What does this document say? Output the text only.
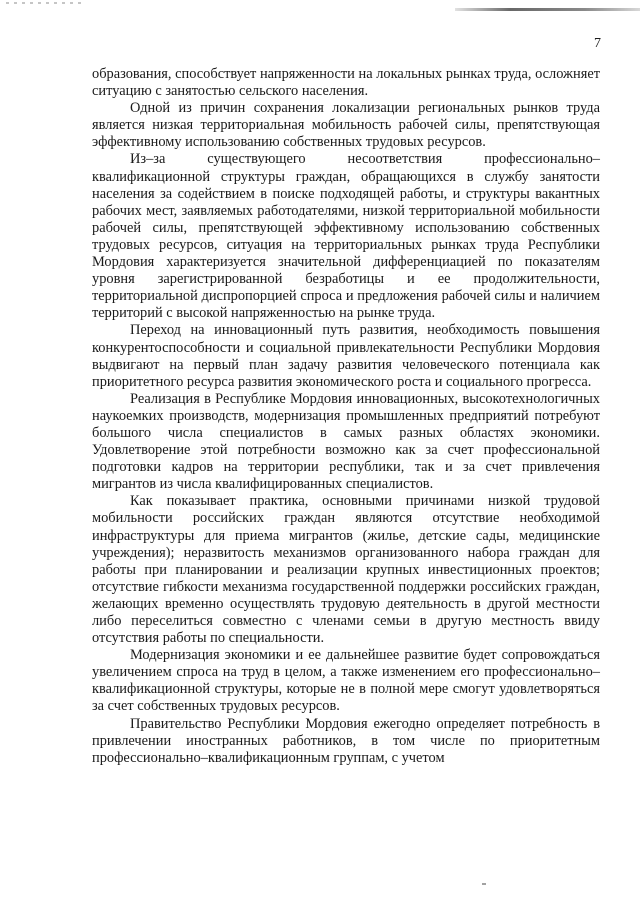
7

образования, способствует напряженности на локальных рынках труда, осложняет ситуацию с занятостью сельского населения.

Одной из причин сохранения локализации региональных рынков труда является низкая территориальная мобильность рабочей силы, препятствующая эффективному использованию собственных трудовых ресурсов.

Из–за существующего несоответствия профессионально–квалификационной структуры граждан, обращающихся в службу занятости населения за содействием в поиске подходящей работы, и структуры вакантных рабочих мест, заявляемых работодателями, низкой территориальной мобильности рабочей силы, препятствующей эффективному использованию собственных трудовых ресурсов, ситуация на территориальных рынках труда Республики Мордовия характеризуется значительной дифференциацией по показателям уровня зарегистрированной безработицы и ее продолжительности, территориальной диспропорцией спроса и предложения рабочей силы и наличием территорий с высокой напряженностью на рынке труда.

Переход на инновационный путь развития, необходимость повышения конкурентоспособности и социальной привлекательности Республики Мордовия выдвигают на первый план задачу развития человеческого потенциала как приоритетного ресурса развития экономического роста и социального прогресса.

Реализация в Республике Мордовия инновационных, высокотехнологичных наукоемких производств, модернизация промышленных предприятий потребуют большого числа специалистов в самых разных областях экономики. Удовлетворение этой потребности возможно как за счет профессиональной подготовки кадров на территории республики, так и за счет привлечения мигрантов из числа квалифицированных специалистов.

Как показывает практика, основными причинами низкой трудовой мобильности российских граждан являются отсутствие необходимой инфраструктуры для приема мигрантов (жилье, детские сады, медицинские учреждения); неразвитость механизмов организованного набора граждан для работы при планировании и реализации крупных инвестиционных проектов; отсутствие гибкости механизма государственной поддержки российских граждан, желающих временно осуществлять трудовую деятельность в другой местности либо переселиться совместно с членами семьи в другую местность ввиду отсутствия работы по специальности.

Модернизация экономики и ее дальнейшее развитие будет сопровождаться увеличением спроса на труд в целом, а также изменением его профессионально–квалификационной структуры, которые не в полной мере смогут удовлетворяться за счет собственных трудовых ресурсов.

Правительство Республики Мордовия ежегодно определяет потребность в привлечении иностранных работников, в том числе по приоритетным профессионально–квалификационным группам, с учетом
